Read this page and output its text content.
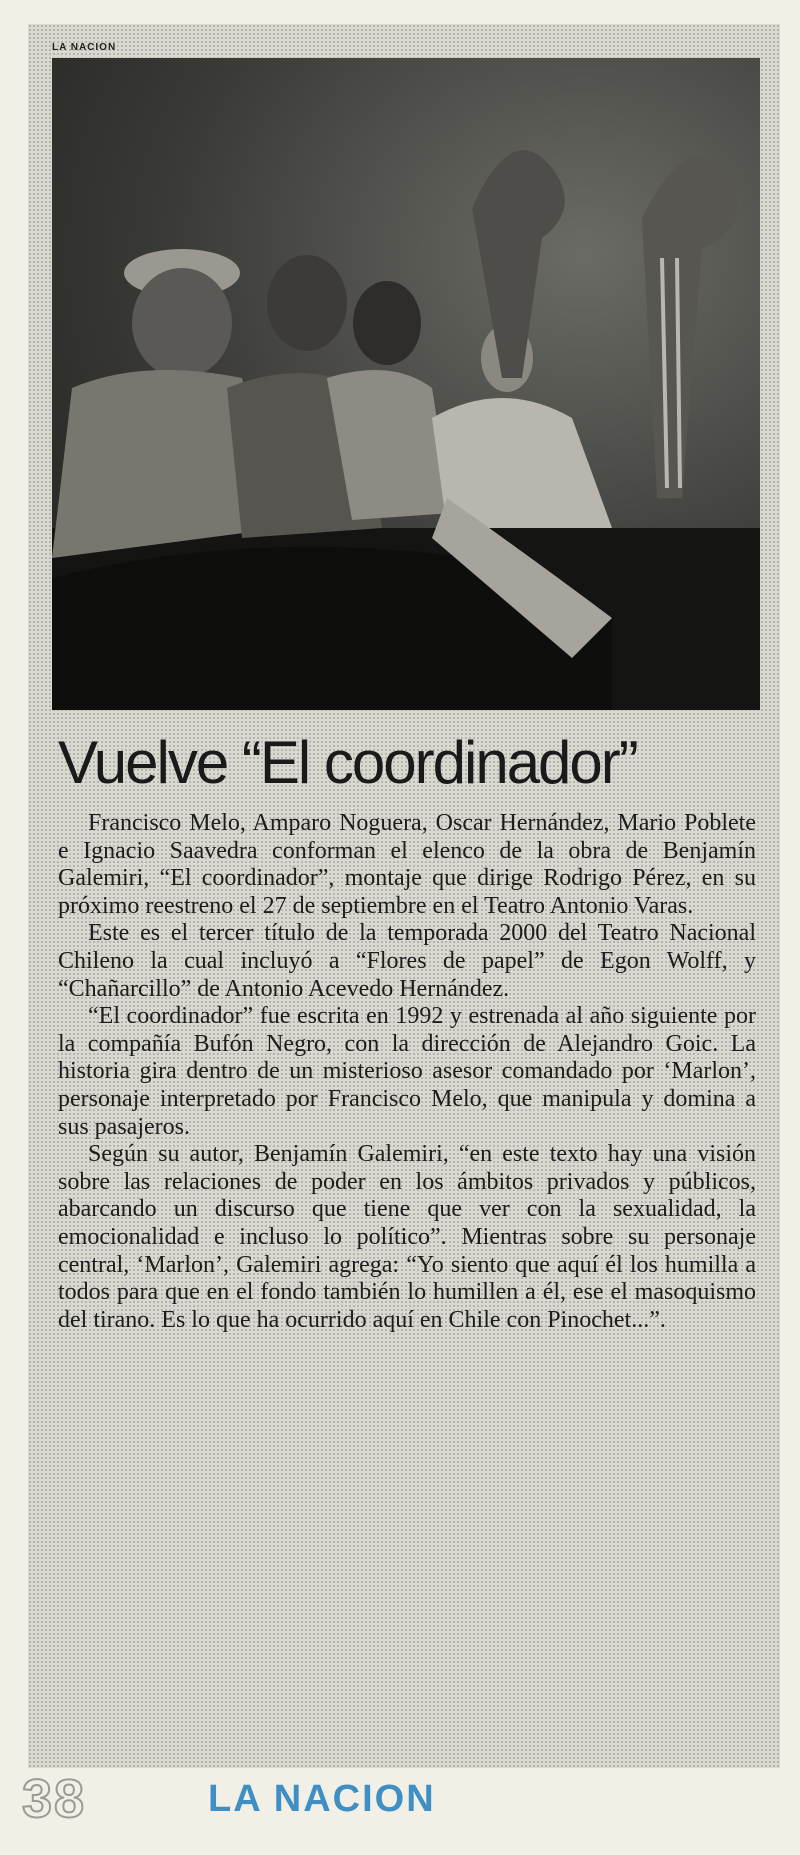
LA NACION
Vuelve “El coordinador”

Francisco Melo, Amparo Noguera, Oscar Hernández, Mario Poblete e Ignacio Saavedra conforman el elenco de la obra de Benjamín Galemiri, “El coordinador”, montaje que dirige Rodrigo Pérez, en su próximo reestreno el 27 de septiembre en el Teatro Antonio Varas.

Este es el tercer título de la temporada 2000 del Teatro Nacional Chileno la cual incluyó a “Flores de papel” de Egon Wolff, y “Chañarcillo” de Antonio Acevedo Hernández.

“El coordinador” fue escrita en 1992 y estrenada al año siguiente por la compañía Bufón Negro, con la dirección de Alejandro Goic. La historia gira dentro de un misterioso asesor comandado por ‘Marlon’, personaje interpretado por Francisco Melo, que manipula y domina a sus pasajeros.

Según su autor, Benjamín Galemiri, “en este texto hay una visión sobre las relaciones de poder en los ámbitos privados y públicos, abarcando un discurso que tiene que ver con la sexualidad, la emocionalidad e incluso lo político”. Mientras sobre su personaje central, ‘Marlon’, Galemiri agrega: “Yo siento que aquí él los humilla a todos para que en el fondo también lo humillen a él, ese el masoquismo del tirano. Es lo que ha ocurrido aquí en Chile con Pinochet...”.

38	LA NACION
